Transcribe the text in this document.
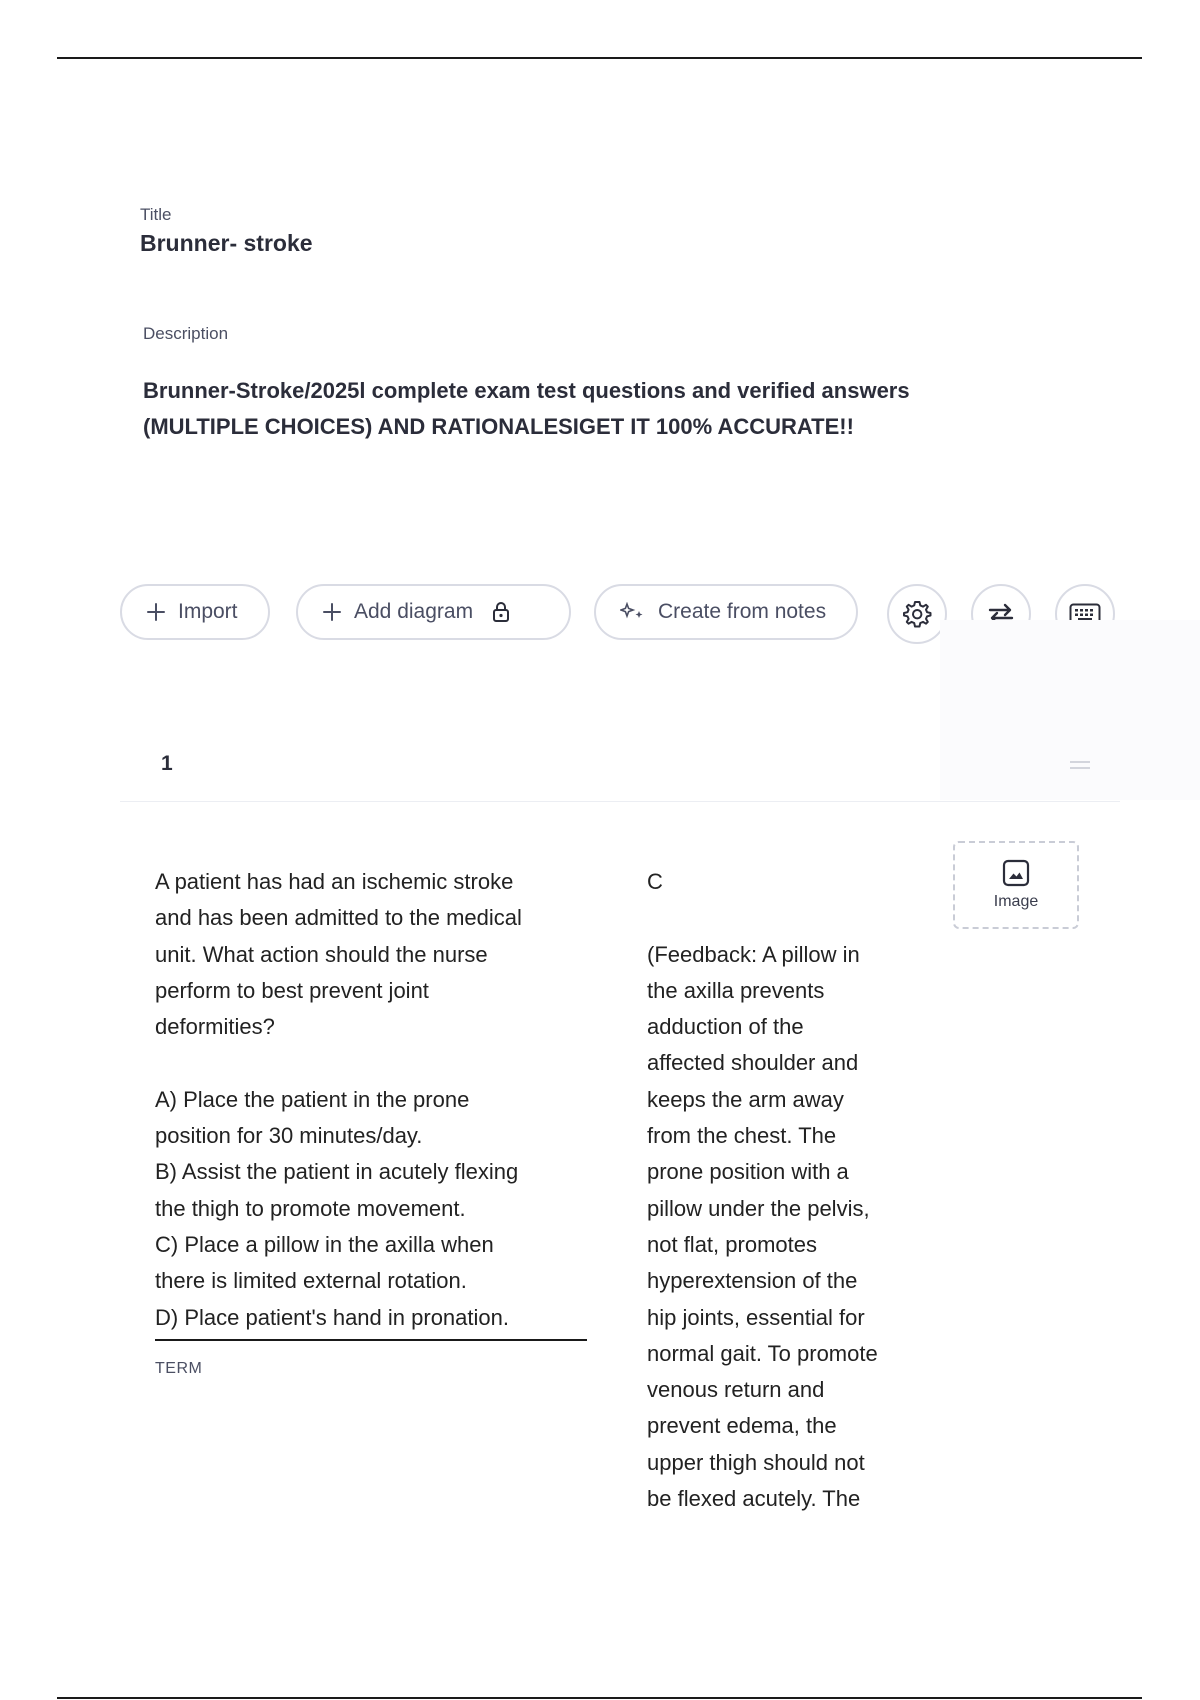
Title
Brunner- stroke
Description
Brunner-Stroke/2025l complete exam test questions and verified answers (MULTIPLE CHOICES) AND RATIONALESIGET IT 100% ACCURATE!!
Import	Add diagram	Create from notes
1
A patient has had an ischemic stroke
and has been admitted to the medical
unit. What action should the nurse
perform to best prevent joint
deformities?

A) Place the patient in the prone
position for 30 minutes/day.
B) Assist the patient in acutely flexing
the thigh to promote movement.
C) Place a pillow in the axilla when
there is limited external rotation.
D) Place patient's hand in pronation.
TERM
C

(Feedback: A pillow in
the axilla prevents
adduction of the
affected shoulder and
keeps the arm away
from the chest. The
prone position with a
pillow under the pelvis,
not flat, promotes
hyperextension of the
hip joints, essential for
normal gait. To promote
venous return and
prevent edema, the
upper thigh should not
be flexed acutely. The
Image
